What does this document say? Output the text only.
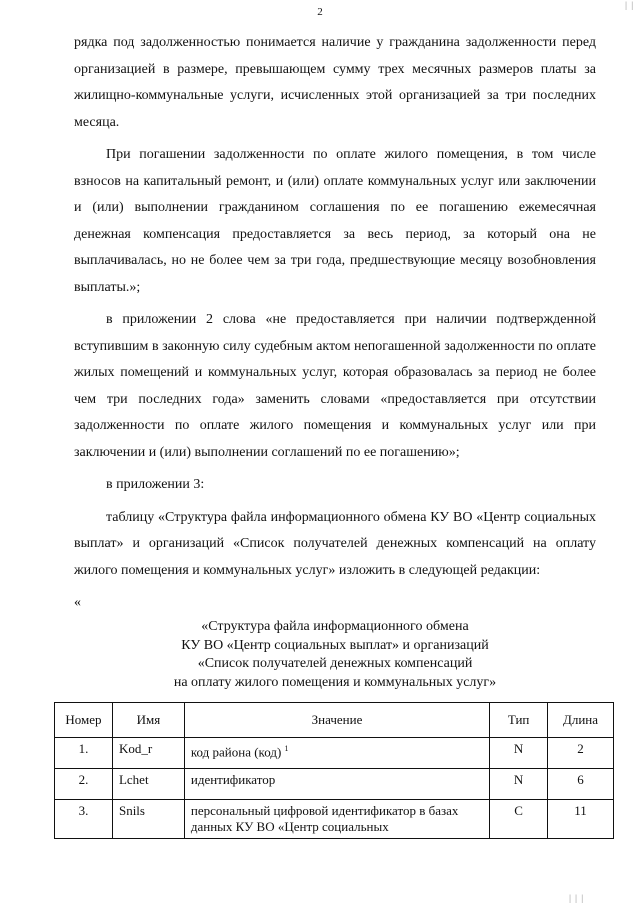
2
| |

рядка под задолженностью понимается наличие у гражданина задолженности перед организацией в размере, превышающем сумму трех месячных размеров платы за жилищно-коммунальные услуги, исчисленных этой организацией за три последних месяца.

При погашении задолженности по оплате жилого помещения, в том числе взносов на капитальный ремонт, и (или) оплате коммунальных услуг или заключении и (или) выполнении гражданином соглашения по ее погашению ежемесячная денежная компенсация предоставляется за весь период, за который она не выплачивалась, но не более чем за три года, предшествующие месяцу возобновления выплаты.»;

в приложении 2 слова «не предоставляется при наличии подтвержденной вступившим в законную силу судебным актом непогашенной задолженности по оплате жилых помещений и коммунальных услуг, которая образовалась за период не более чем три последних года» заменить словами «предоставляется при отсутствии задолженности по оплате жилого помещения и коммунальных услуг или при заключении и (или) выполнении соглашений по ее погашению»;

в приложении 3:

таблицу «Структура файла информационного обмена КУ ВО «Центр социальных выплат» и организаций «Список получателей денежных компенсаций на оплату жилого помещения и коммунальных услуг» изложить в следующей редакции:

«

«Структура файла информационного обмена
КУ ВО «Центр социальных выплат» и организаций
«Список получателей денежных компенсаций
на оплату жилого помещения и коммунальных услуг»
Номер	Имя	Значение	Тип	Длина
1.	Kod_r	код района (код) $^1$	N	2
2.	Lchet	идентификатор	N	6
3.	Snils	персональный цифровой идентификатор в базах данных КУ ВО «Центр социальных	C	11
| | |
